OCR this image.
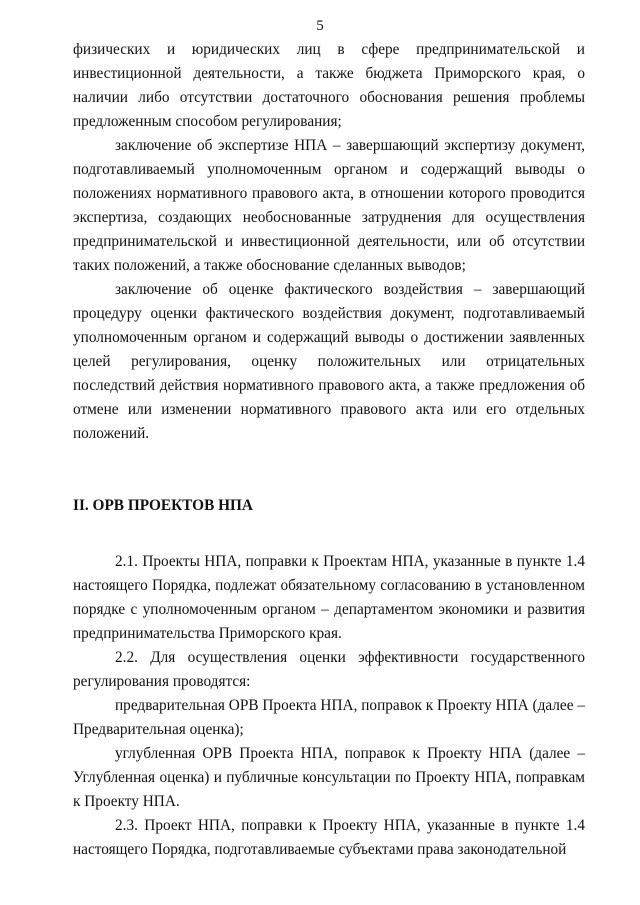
5

физических и юридических лиц в сфере предпринимательской и инвестиционной деятельности, а также бюджета Приморского края, о наличии либо отсутствии достаточного обоснования решения проблемы предложенным способом регулирования;

заключение об экспертизе НПА – завершающий экспертизу документ, подготавливаемый уполномоченным органом и содержащий выводы о положениях нормативного правового акта, в отношении которого проводится экспертиза, создающих необоснованные затруднения для осуществления предпринимательской и инвестиционной деятельности, или об отсутствии таких положений, а также обоснование сделанных выводов;

заключение об оценке фактического воздействия – завершающий процедуру оценки фактического воздействия документ, подготавливаемый уполномоченным органом и содержащий выводы о достижении заявленных целей регулирования, оценку положительных или отрицательных последствий действия нормативного правового акта, а также предложения об отмене или изменении нормативного правового акта или его отдельных положений.

II. ОРВ ПРОЕКТОВ НПА

2.1. Проекты НПА, поправки к Проектам НПА, указанные в пункте 1.4 настоящего Порядка, подлежат обязательному согласованию в установленном порядке с уполномоченным органом – департаментом экономики и развития предпринимательства Приморского края.

2.2. Для осуществления оценки эффективности государственного регулирования проводятся:

предварительная ОРВ Проекта НПА, поправок к Проекту НПА (далее – Предварительная оценка);

углубленная ОРВ Проекта НПА, поправок к Проекту НПА (далее – Углубленная оценка) и публичные консультации по Проекту НПА, поправкам к Проекту НПА.

2.3. Проект НПА, поправки к Проекту НПА, указанные в пункте 1.4 настоящего Порядка, подготавливаемые субъектами права законодательной
